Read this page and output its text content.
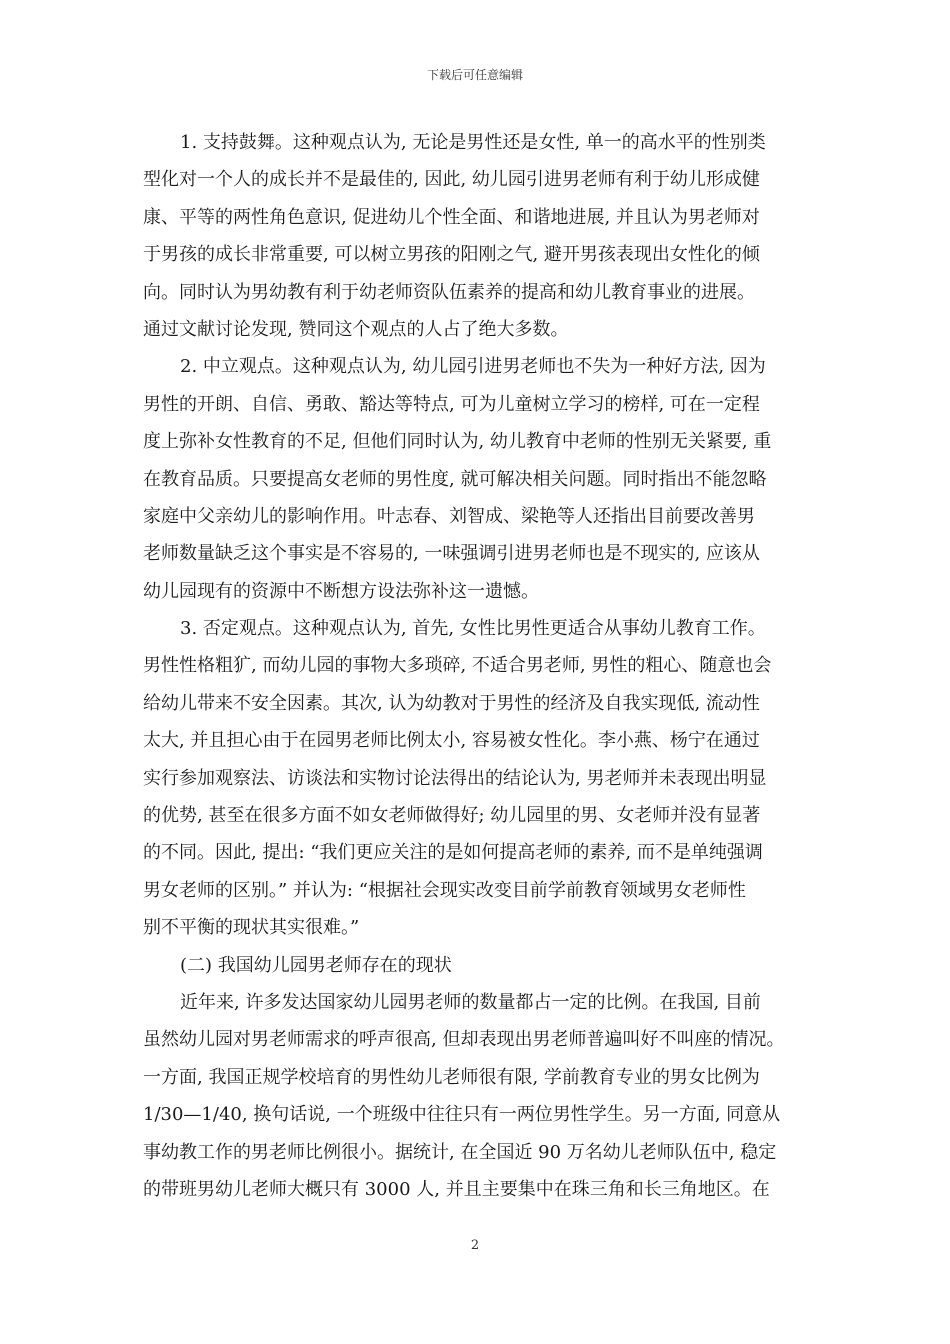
下载后可任意编辑
1. 支持鼓舞。这种观点认为, 无论是男性还是女性, 单一的高水平的性别类
型化对一个人的成长并不是最佳的, 因此, 幼儿园引进男老师有利于幼儿形成健
康、平等的两性角色意识, 促进幼儿个性全面、和谐地进展, 并且认为男老师对
于男孩的成长非常重要, 可以树立男孩的阳刚之气, 避开男孩表现出女性化的倾
向。同时认为男幼教有利于幼老师资队伍素养的提高和幼儿教育事业的进展。
通过文献讨论发现, 赞同这个观点的人占了绝大多数。
2. 中立观点。这种观点认为, 幼儿园引进男老师也不失为一种好方法, 因为
男性的开朗、自信、勇敢、豁达等特点, 可为儿童树立学习的榜样, 可在一定程
度上弥补女性教育的不足, 但他们同时认为, 幼儿教育中老师的性别无关紧要, 重
在教育品质。只要提高女老师的男性度, 就可解决相关问题。同时指出不能忽略
家庭中父亲幼儿的影响作用。叶志春、刘智成、梁艳等人还指出目前要改善男
老师数量缺乏这个事实是不容易的, 一味强调引进男老师也是不现实的, 应该从
幼儿园现有的资源中不断想方设法弥补这一遗憾。
3. 否定观点。这种观点认为, 首先, 女性比男性更适合从事幼儿教育工作。
男性性格粗犷, 而幼儿园的事物大多琐碎, 不适合男老师, 男性的粗心、随意也会
给幼儿带来不安全因素。其次, 认为幼教对于男性的经济及自我实现低, 流动性
太大, 并且担心由于在园男老师比例太小, 容易被女性化。李小燕、杨宁在通过
实行参加观察法、访谈法和实物讨论法得出的结论认为, 男老师并未表现出明显
的优势, 甚至在很多方面不如女老师做得好; 幼儿园里的男、女老师并没有显著
的不同。因此, 提出: “我们更应关注的是如何提高老师的素养, 而不是单纯强调
男女老师的区别。” 并认为: “根据社会现实改变目前学前教育领域男女老师性
别不平衡的现状其实很难。”
(二) 我国幼儿园男老师存在的现状
近年来, 许多发达国家幼儿园男老师的数量都占一定的比例。在我国, 目前
虽然幼儿园对男老师需求的呼声很高, 但却表现出男老师普遍叫好不叫座的情况。
一方面, 我国正规学校培育的男性幼儿老师很有限, 学前教育专业的男女比例为
1/30—1/40, 换句话说, 一个班级中往往只有一两位男性学生。另一方面, 同意从
事幼教工作的男老师比例很小。据统计, 在全国近 90 万名幼儿老师队伍中, 稳定
的带班男幼儿老师大概只有 3000 人, 并且主要集中在珠三角和长三角地区。在
2
